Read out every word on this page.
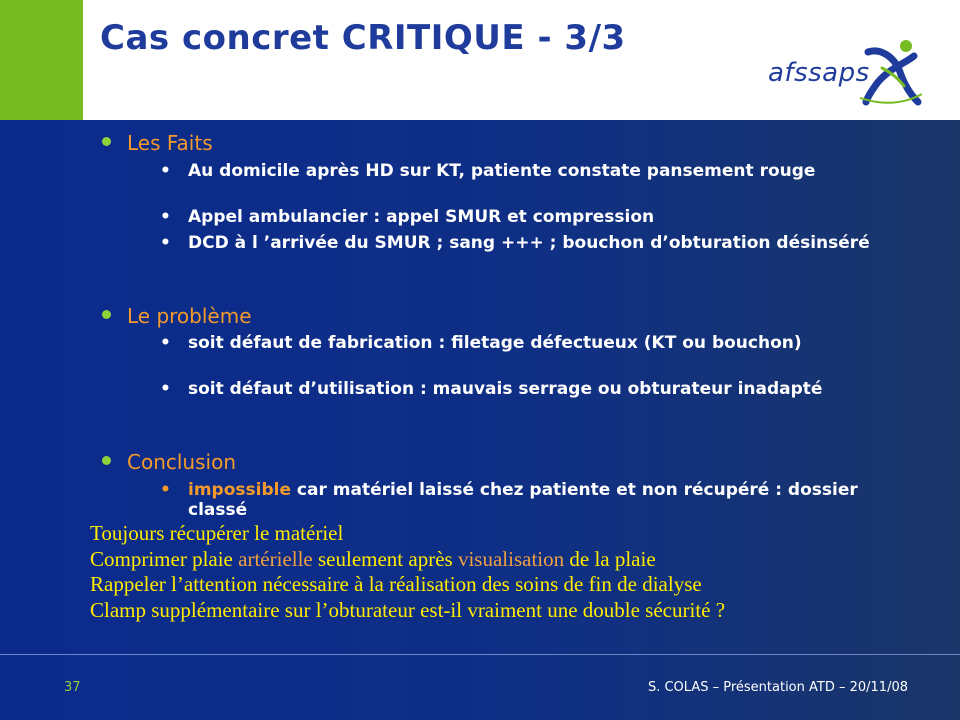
Cas concret CRITIQUE - 3/3
afssaps
Les Faits
•	Au domicile après HD sur KT, patiente constate pansement rouge
•	Appel ambulancier : appel SMUR et compression
•	DCD à l ’arrivée du SMUR ; sang +++ ; bouchon d’obturation désinséré
Le problème
•	soit défaut de fabrication : filetage défectueux (KT ou bouchon)
•	soit défaut d’utilisation : mauvais serrage ou obturateur inadapté
Conclusion
•	impossible car matériel laissé chez patiente et non récupéré : dossier classé
Toujours récupérer le matériel
Comprimer plaie artérielle seulement après visualisation de la plaie
Rappeler l’attention nécessaire à la réalisation des soins de fin de dialyse
Clamp supplémentaire sur l’obturateur est-il vraiment une double sécurité ?
37	S. COLAS – Présentation ATD – 20/11/08
